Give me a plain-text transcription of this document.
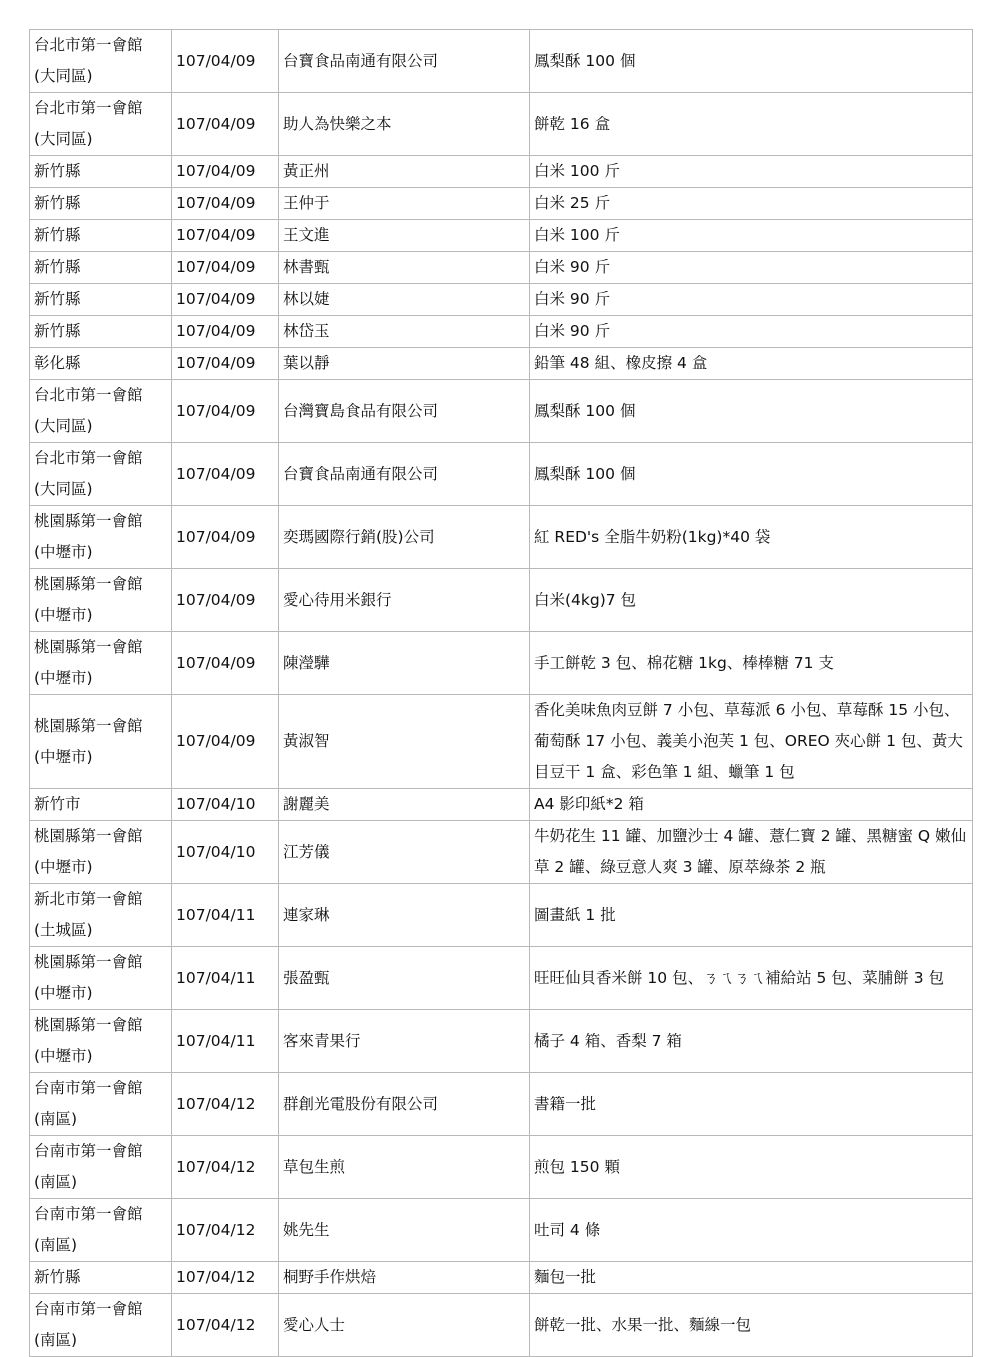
台北市第一會館
(大同區)	107/04/09	台寶食品南通有限公司	鳳梨酥 100 個
台北市第一會館
(大同區)	107/04/09	助人為快樂之本	餅乾 16 盒
新竹縣	107/04/09	黃正州	白米 100 斤
新竹縣	107/04/09	王仲于	白米 25 斤
新竹縣	107/04/09	王文進	白米 100 斤
新竹縣	107/04/09	林書甄	白米 90 斤
新竹縣	107/04/09	林以婕	白米 90 斤
新竹縣	107/04/09	林岱玉	白米 90 斤
彰化縣	107/04/09	葉以靜	鉛筆 48 組、橡皮擦 4 盒
台北市第一會館
(大同區)	107/04/09	台灣寶島食品有限公司	鳳梨酥 100 個
台北市第一會館
(大同區)	107/04/09	台寶食品南通有限公司	鳳梨酥 100 個
桃園縣第一會館
(中壢市)	107/04/09	奕瑪國際行銷(股)公司	紅 RED's 全脂牛奶粉(1kg)*40 袋
桃園縣第一會館
(中壢市)	107/04/09	愛心待用米銀行	白米(4kg)7 包
桃園縣第一會館
(中壢市)	107/04/09	陳瀅驊	手工餅乾 3 包、棉花糖 1kg、棒棒糖 71 支
桃園縣第一會館
(中壢市)	107/04/09	黃淑智	香化美味魚肉豆餅 7 小包、草莓派 6 小包、草莓酥 15 小包、葡萄酥 17 小包、義美小泡芙 1 包、OREO 夾心餅 1 包、黃大目豆干 1 盒、彩色筆 1 組、蠟筆 1 包
新竹市	107/04/10	謝麗美	A4 影印紙*2 箱
桃園縣第一會館
(中壢市)	107/04/10	江芳儀	牛奶花生 11 罐、加鹽沙士 4 罐、薏仁寶 2 罐、黑糖蜜 Q 嫩仙草 2 罐、綠豆意人爽 3 罐、原萃綠茶 2 瓶
新北市第一會館
(土城區)	107/04/11	連家琳	圖畫紙 1 批
桃園縣第一會館
(中壢市)	107/04/11	張盈甄	旺旺仙貝香米餅 10 包、ㄋㄟㄋㄟ補給站 5 包、菜脯餅 3 包
桃園縣第一會館
(中壢市)	107/04/11	客來青果行	橘子 4 箱、香梨 7 箱
台南市第一會館
(南區)	107/04/12	群創光電股份有限公司	書籍一批
台南市第一會館
(南區)	107/04/12	草包生煎	煎包 150 顆
台南市第一會館
(南區)	107/04/12	姚先生	吐司 4 條
新竹縣	107/04/12	桐野手作烘焙	麵包一批
台南市第一會館
(南區)	107/04/12	愛心人士	餅乾一批、水果一批、麵線一包
